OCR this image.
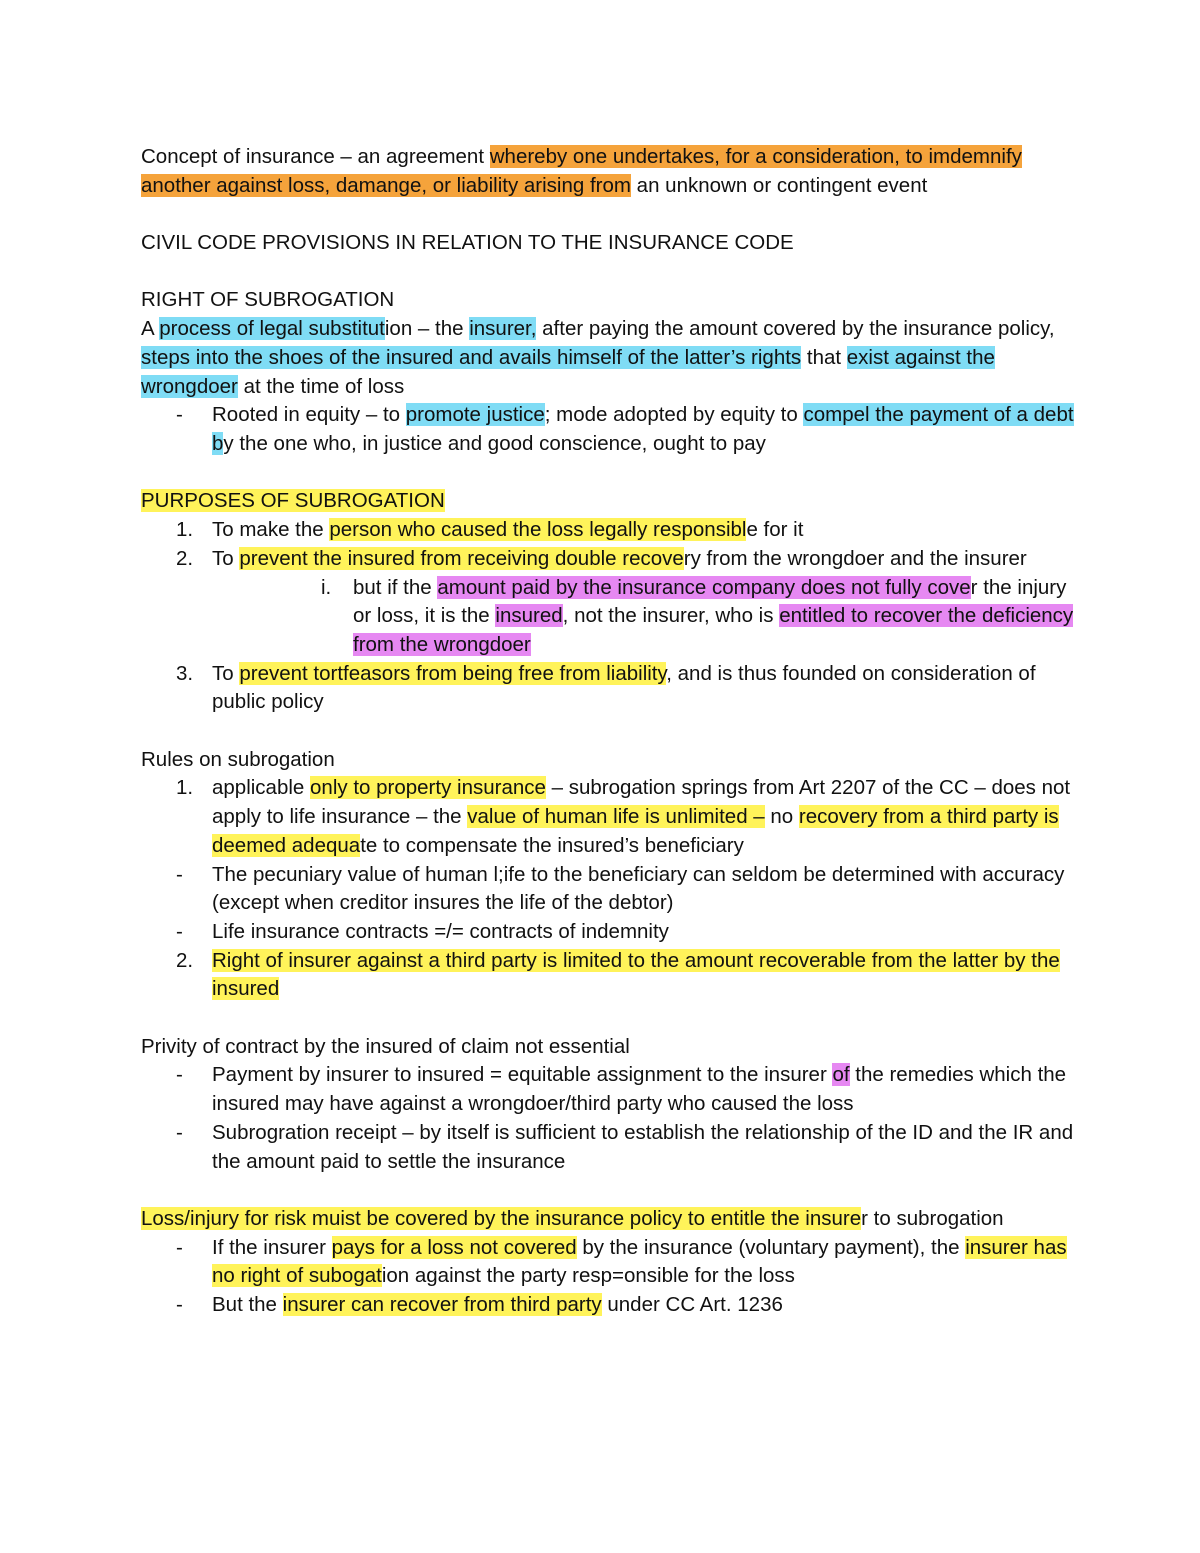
Concept of insurance – an agreement whereby one undertakes, for a consideration, to imdemnify another against loss, damange, or liability arising from an unknown or contingent event

CIVIL CODE PROVISIONS IN RELATION TO THE INSURANCE CODE

RIGHT OF SUBROGATION

A process of legal substitution – the insurer, after paying the amount covered by the insurance policy, steps into the shoes of the insured and avails himself of the latter’s rights that exist against the wrongdoer at the time of loss

- Rooted in equity – to promote justice; mode adopted by equity to compel the payment of a debt by the one who, in justice and good conscience, ought to pay

PURPOSES OF SUBROGATION

1. To make the person who caused the loss legally responsible for it
2. To prevent the insured from receiving double recovery from the wrongdoer and the insurer
i. but if the amount paid by the insurance company does not fully cover the injury or loss, it is the insured, not the insurer, who is entitled to recover the deficiency from the wrongdoer
3. To prevent tortfeasors from being free from liability, and is thus founded on consideration of public policy

Rules on subrogation

1. applicable only to property insurance – subrogation springs from Art 2207 of the CC – does not apply to life insurance – the value of human life is unlimited – no recovery from a third party is deemed adequate to compensate the insured’s beneficiary
- The pecuniary value of human l;ife to the beneficiary can seldom be determined with accuracy (except when creditor insures the life of the debtor)
- Life insurance contracts =/= contracts of indemnity
2. Right of insurer against a third party is limited to the amount recoverable from the latter by the insured

Privity of contract by the insured of claim not essential

- Payment by insurer to insured = equitable assignment to the insurer of the remedies which the insured may have against a wrongdoer/third party who caused the loss
- Subrogration receipt – by itself is sufficient to establish the relationship of the ID and the IR and the amount paid to settle the insurance

Loss/injury for risk muist be covered by the insurance policy to entitle the insurer to subrogation

- If the insurer pays for a loss not covered by the insurance (voluntary payment), the insurer has no right of subogation against the party resp=onsible for the loss
- But the insurer can recover from third party under CC Art. 1236
